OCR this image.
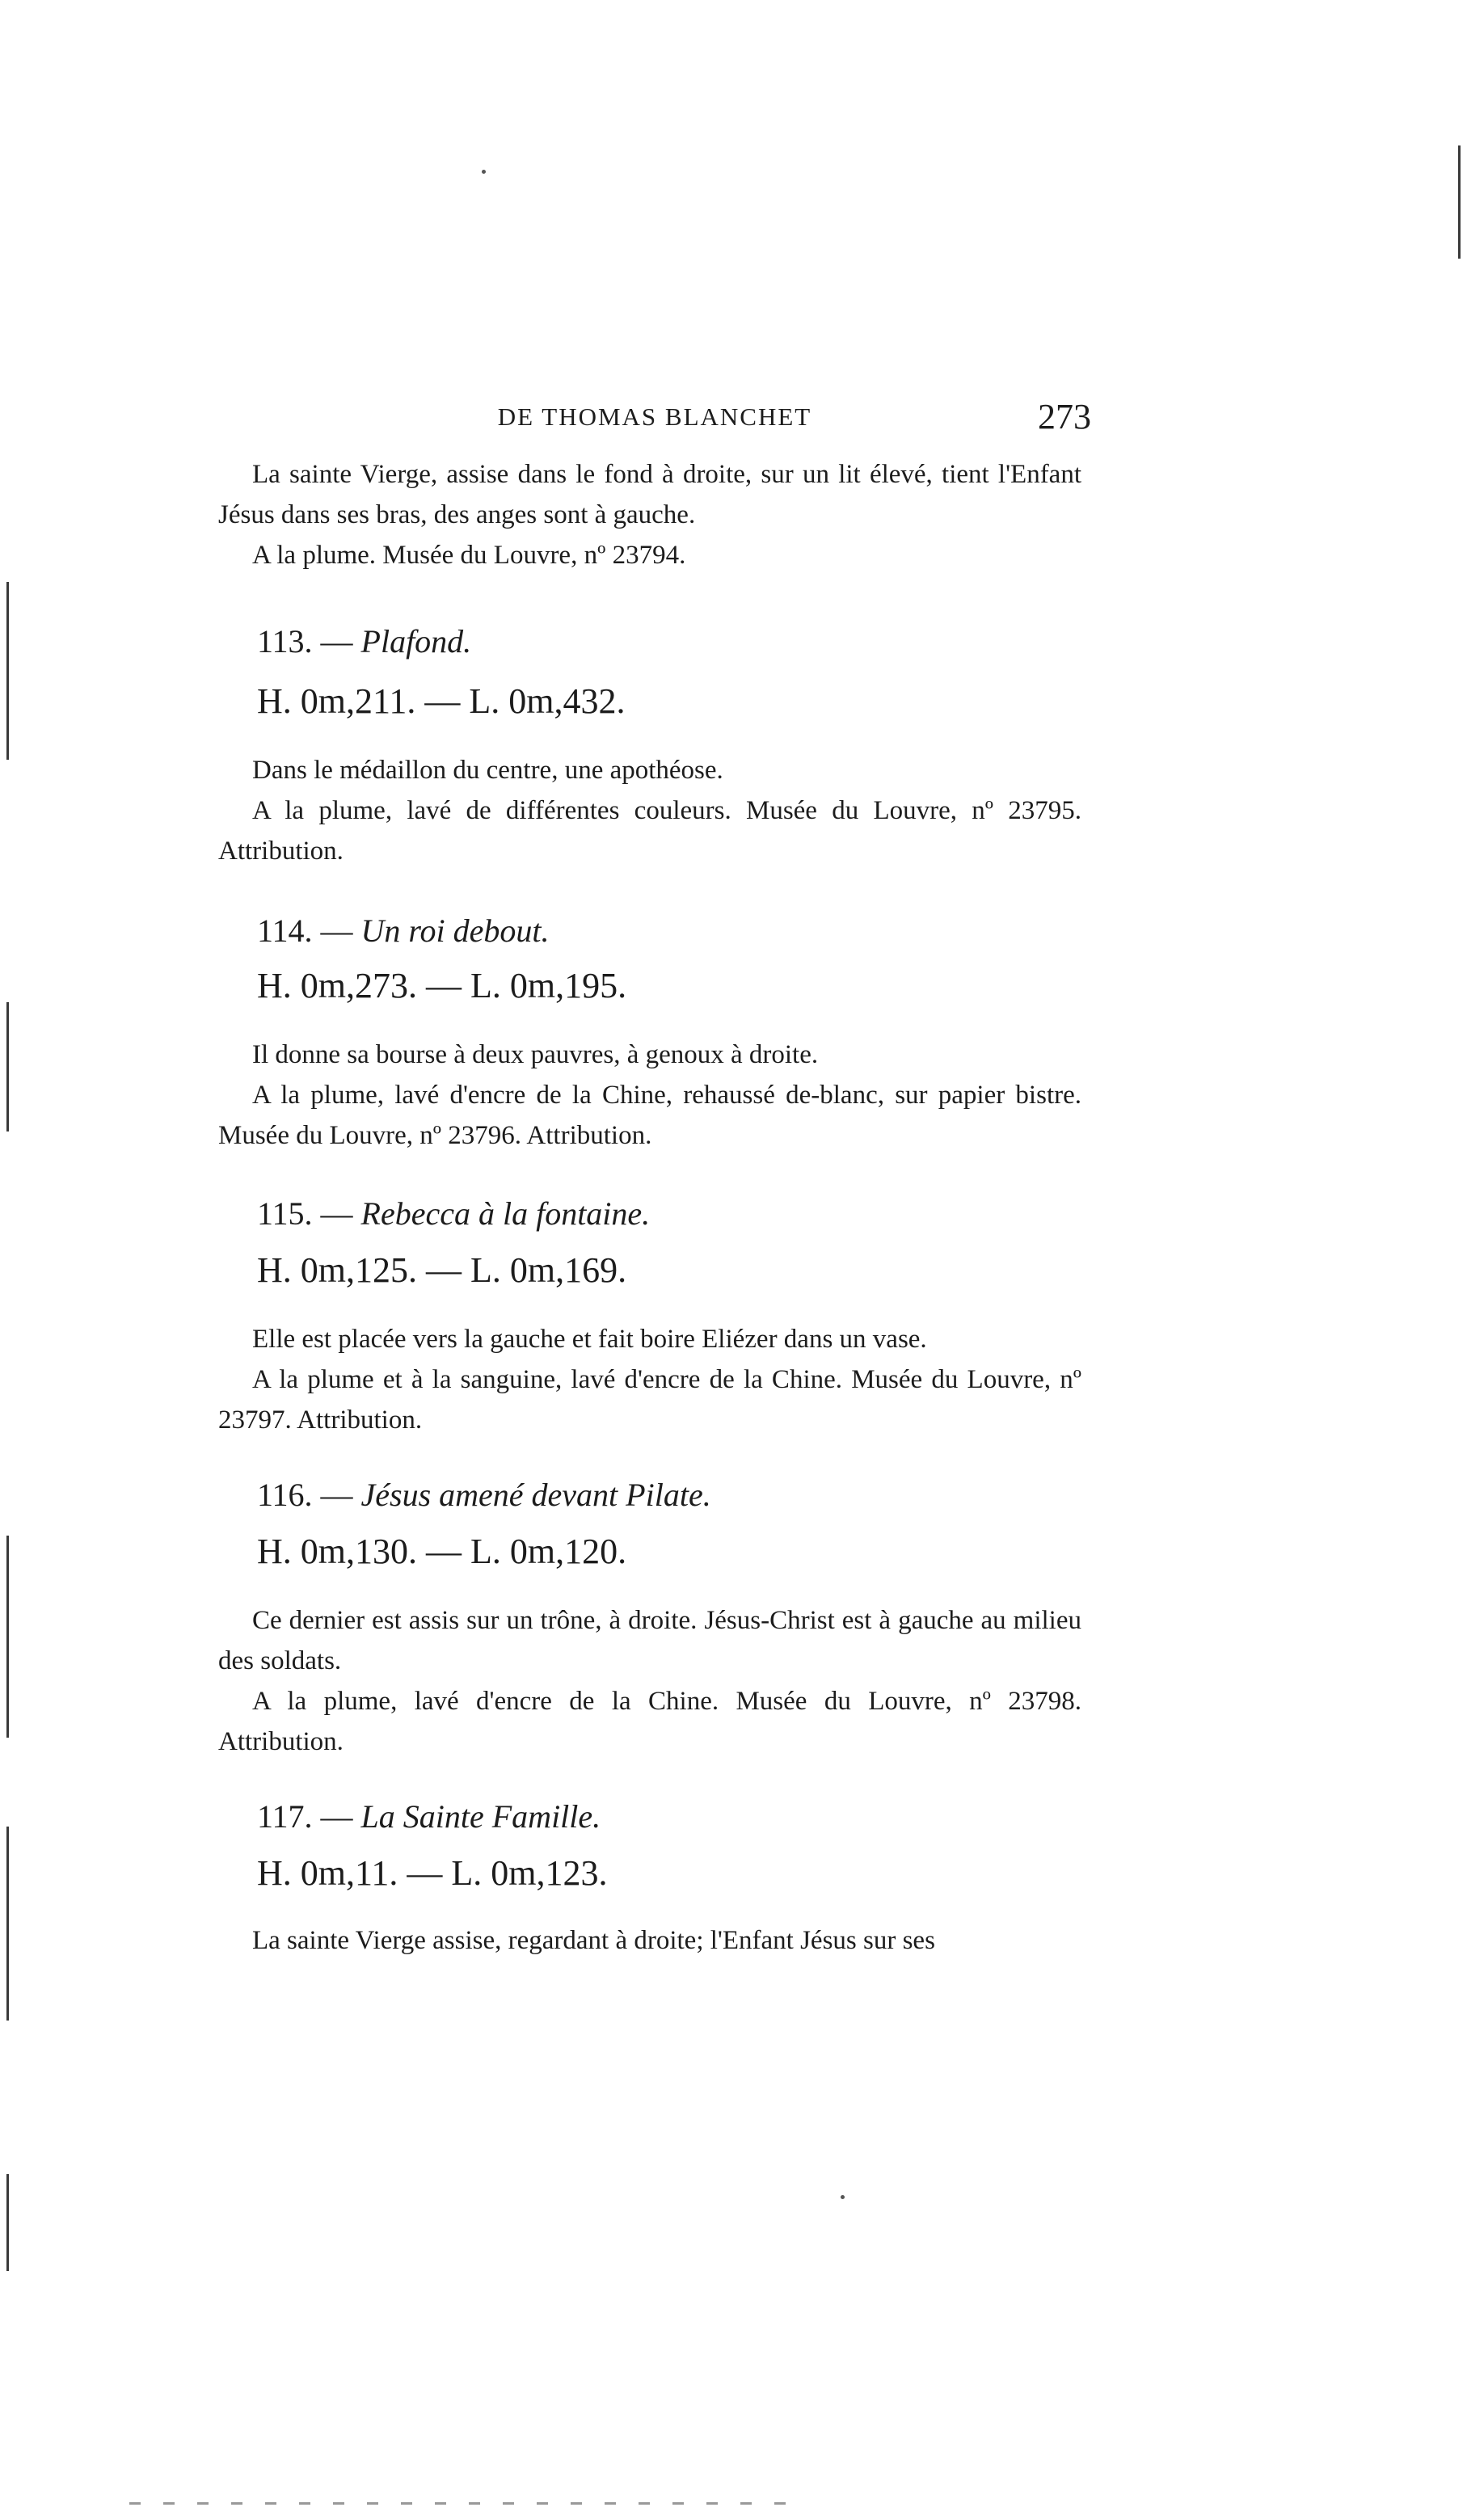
DE THOMAS BLANCHET	273

La sainte Vierge, assise dans le fond à droite, sur un lit élevé, tient l'Enfant Jésus dans ses bras, des anges sont à gauche.

A la plume. Musée du Louvre, nº 23794.

113. — Plafond.
H. 0m,211. — L. 0m,432.

Dans le médaillon du centre, une apothéose.

A la plume, lavé de différentes couleurs. Musée du Louvre, nº 23795. Attribution.

114. — Un roi debout.
H. 0m,273. — L. 0m,195.

Il donne sa bourse à deux pauvres, à genoux à droite.

A la plume, lavé d'encre de la Chine, rehaussé de-blanc, sur papier bistre. Musée du Louvre, nº 23796. Attribution.

115. — Rebecca à la fontaine.
H. 0m,125. — L. 0m,169.

Elle est placée vers la gauche et fait boire Eliézer dans un vase.

A la plume et à la sanguine, lavé d'encre de la Chine. Musée du Louvre, nº 23797. Attribution.

116. — Jésus amené devant Pilate.
H. 0m,130. — L. 0m,120.

Ce dernier est assis sur un trône, à droite. Jésus-Christ est à gauche au milieu des soldats.

A la plume, lavé d'encre de la Chine. Musée du Louvre, nº 23798. Attribution.

117. — La Sainte Famille.
H. 0m,11. — L. 0m,123.

La sainte Vierge assise, regardant à droite; l'Enfant Jésus sur ses
